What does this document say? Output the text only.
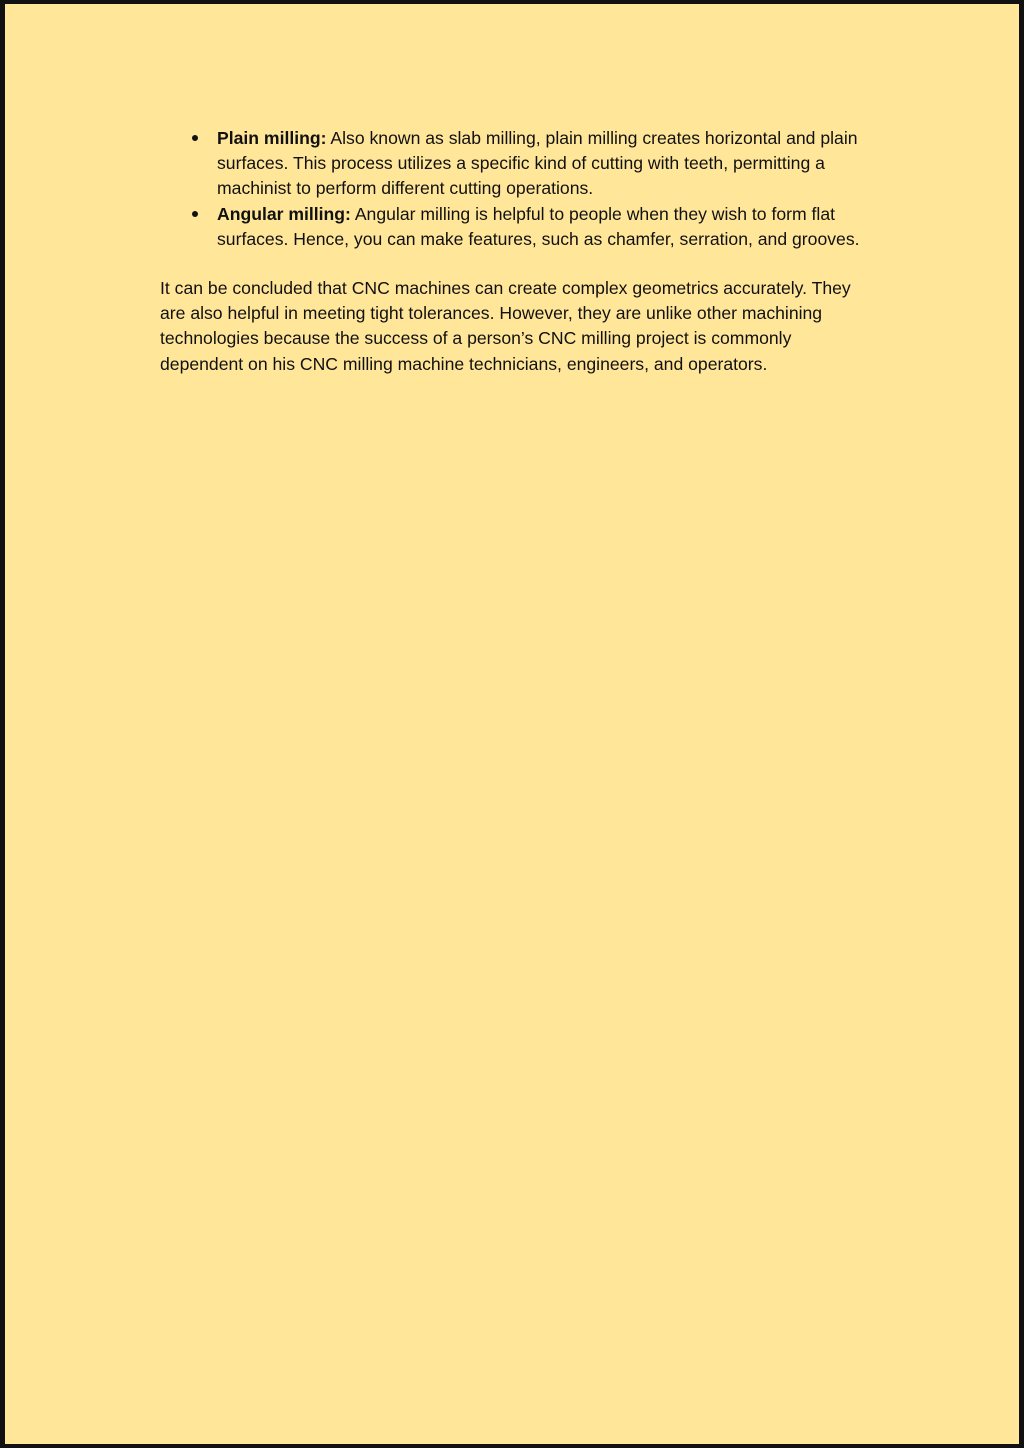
Plain milling: Also known as slab milling, plain milling creates horizontal and plain surfaces. This process utilizes a specific kind of cutting with teeth, permitting a machinist to perform different cutting operations.
Angular milling: Angular milling is helpful to people when they wish to form flat surfaces. Hence, you can make features, such as chamfer, serration, and grooves.

It can be concluded that CNC machines can create complex geometrics accurately. They are also helpful in meeting tight tolerances. However, they are unlike other machining technologies because the success of a person’s CNC milling project is commonly dependent on his CNC milling machine technicians, engineers, and operators.
